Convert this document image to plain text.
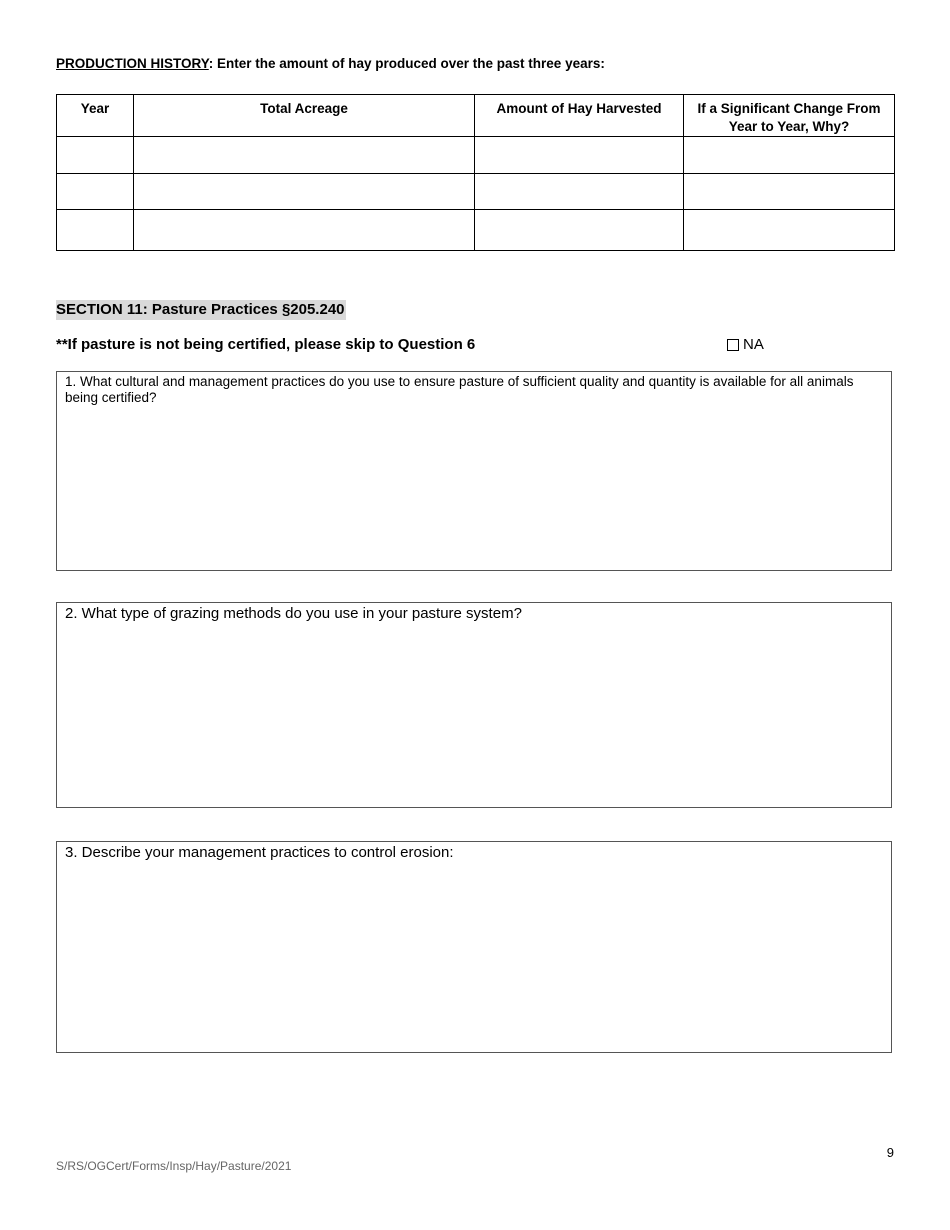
PRODUCTION HISTORY: Enter the amount of hay produced over the past three years:
Year	Total Acreage	Amount of Hay Harvested	If a Significant Change From Year to Year, Why?

SECTION 11: Pasture Practices §205.240
**If pasture is not being certified, please skip to Question 6	NA
1. What cultural and management practices do you use to ensure pasture of sufficient quality and quantity is available for all animals being certified?
2. What type of grazing methods do you use in your pasture system?
3. Describe your management practices to control erosion:
9
S/RS/OGCert/Forms/Insp/Hay/Pasture/2021
